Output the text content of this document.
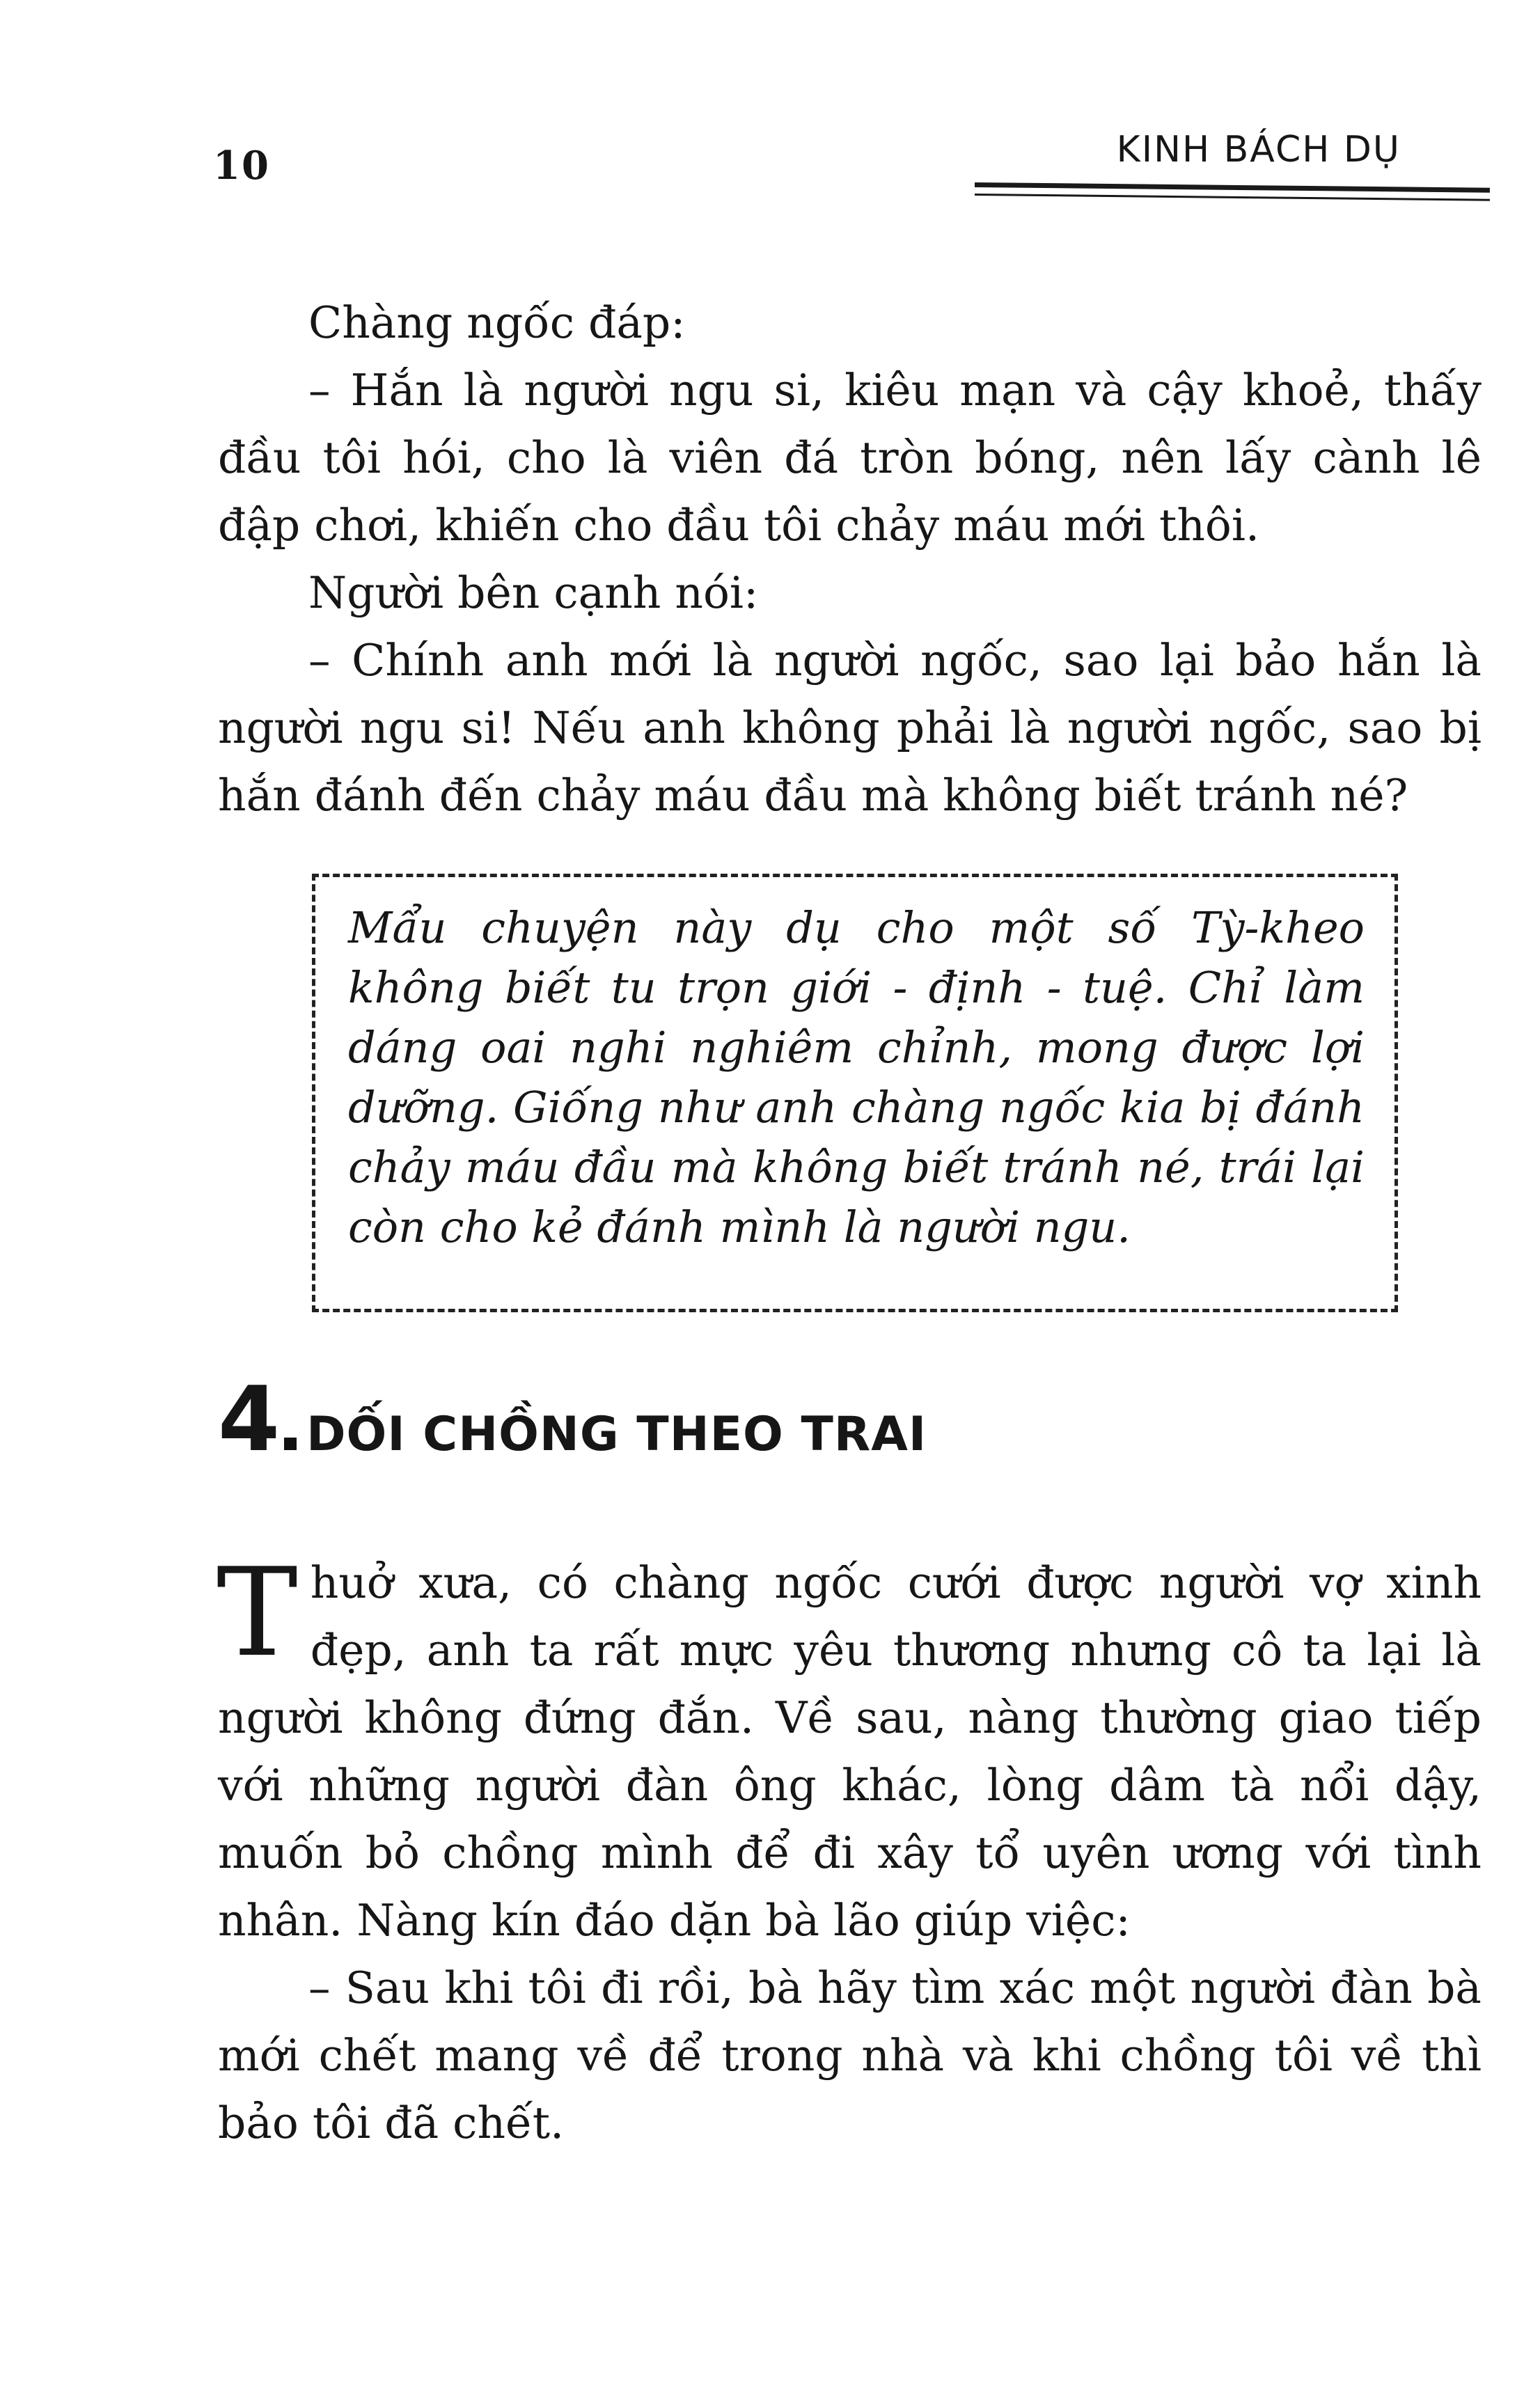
10	KINH BÁCH DỤ

Chàng ngốc đáp:

– Hắn là người ngu si, kiêu mạn và cậy khoẻ, thấy đầu tôi hói, cho là viên đá tròn bóng, nên lấy cành lê đập chơi, khiến cho đầu tôi chảy máu mới thôi.

Người bên cạnh nói:

– Chính anh mới là người ngốc, sao lại bảo hắn là người ngu si! Nếu anh không phải là người ngốc, sao bị hắn đánh đến chảy máu đầu mà không biết tránh né?

Mẩu chuyện này dụ cho một số Tỳ-kheo không biết tu trọn giới - định - tuệ. Chỉ làm dáng oai nghi nghiêm chỉnh, mong được lợi dưỡng. Giống như anh chàng ngốc kia bị đánh chảy máu đầu mà không biết tránh né, trái lại còn cho kẻ đánh mình là người ngu.
4 DỐI CHỒNG THEO TRAI

Thuở xưa, có chàng ngốc cưới được người vợ xinh đẹp, anh ta rất mực yêu thương nhưng cô ta lại là người không đứng đắn. Về sau, nàng thường giao tiếp với những người đàn ông khác, lòng dâm tà nổi dậy, muốn bỏ chồng mình để đi xây tổ uyên ương với tình nhân. Nàng kín đáo dặn bà lão giúp việc:

– Sau khi tôi đi rồi, bà hãy tìm xác một người đàn bà mới chết mang về để trong nhà và khi chồng tôi về thì bảo tôi đã chết.
